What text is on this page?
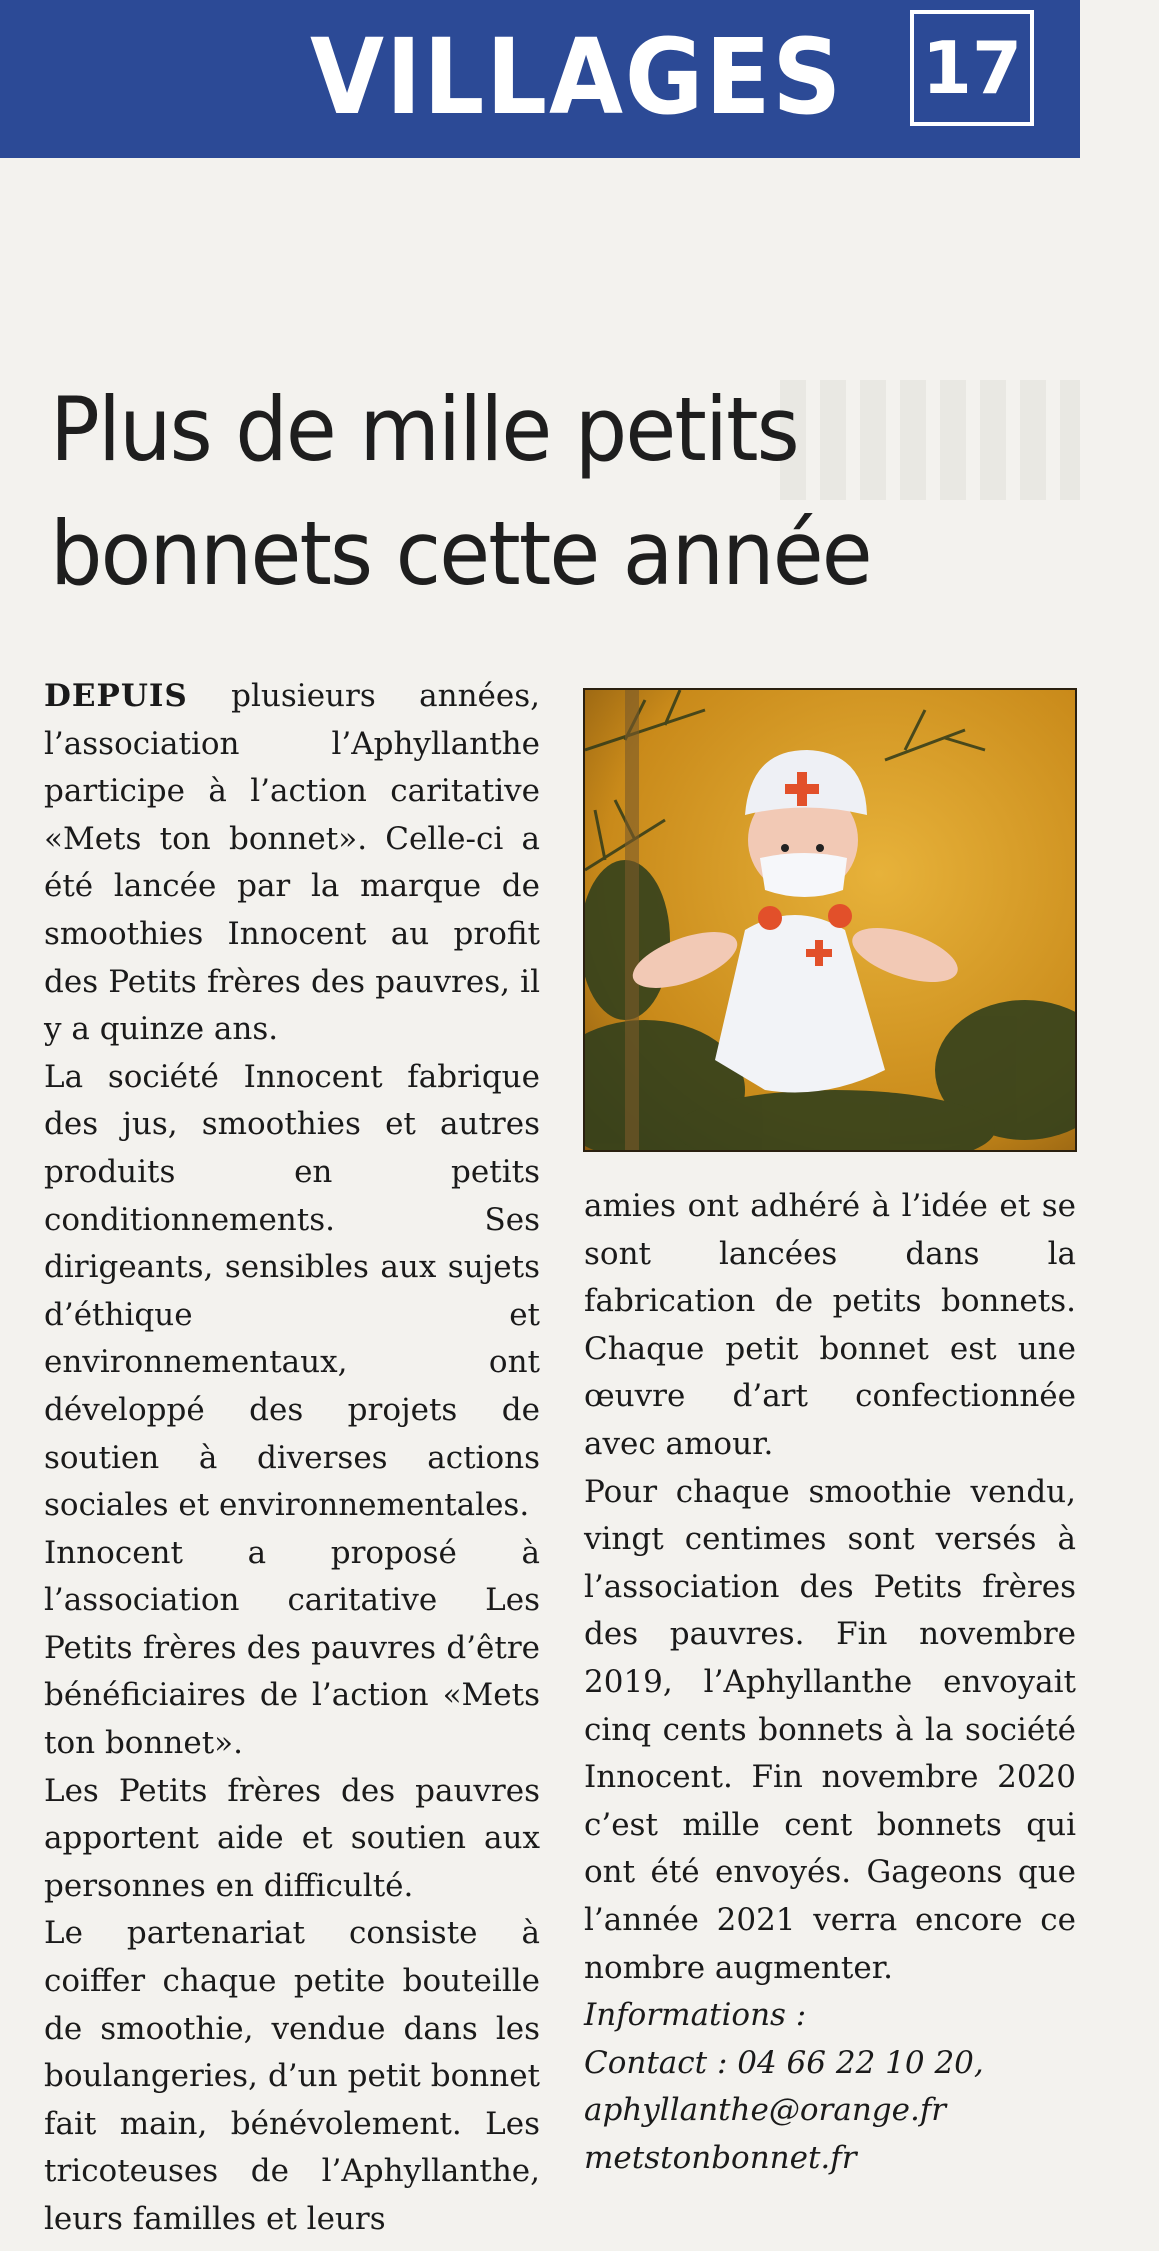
VILLAGES 17
Plus de mille petits
bonnets cette année

DEPUIS plusieurs années, l’association l’Aphyllanthe participe à l’action caritative «Mets ton bonnet». Celle-ci a été lancée par la marque de smoothies Innocent au profit des Petits frères des pauvres, il y a quinze ans.

La société Innocent fabrique des jus, smoothies et autres produits en petits conditionnements. Ses dirigeants, sensibles aux sujets d’éthique et environnementaux, ont développé des projets de soutien à diverses actions sociales et environnementales.

Innocent a proposé à l’association caritative Les Petits frères des pauvres d’être bénéficiaires de l’action «Mets ton bonnet».

Les Petits frères des pauvres apportent aide et soutien aux personnes en difficulté.

Le partenariat consiste à coiffer chaque petite bouteille de smoothie, vendue dans les boulangeries, d’un petit bonnet fait main, bénévolement. Les tricoteuses de l’Aphyllanthe, leurs familles et leurs

amies ont adhéré à l’idée et se sont lancées dans la fabrication de petits bonnets. Chaque petit bonnet est une œuvre d’art confectionnée avec amour.

Pour chaque smoothie vendu, vingt centimes sont versés à l’association des Petits frères des pauvres. Fin novembre 2019, l’Aphyllanthe envoyait cinq cents bonnets à la société Innocent. Fin novembre 2020 c’est mille cent bonnets qui ont été envoyés. Gageons que l’année 2021 verra encore ce nombre augmenter.

Informations :

Contact : 04 66 22 10 20,

aphyllanthe@orange.fr

metstonbonnet.fr
